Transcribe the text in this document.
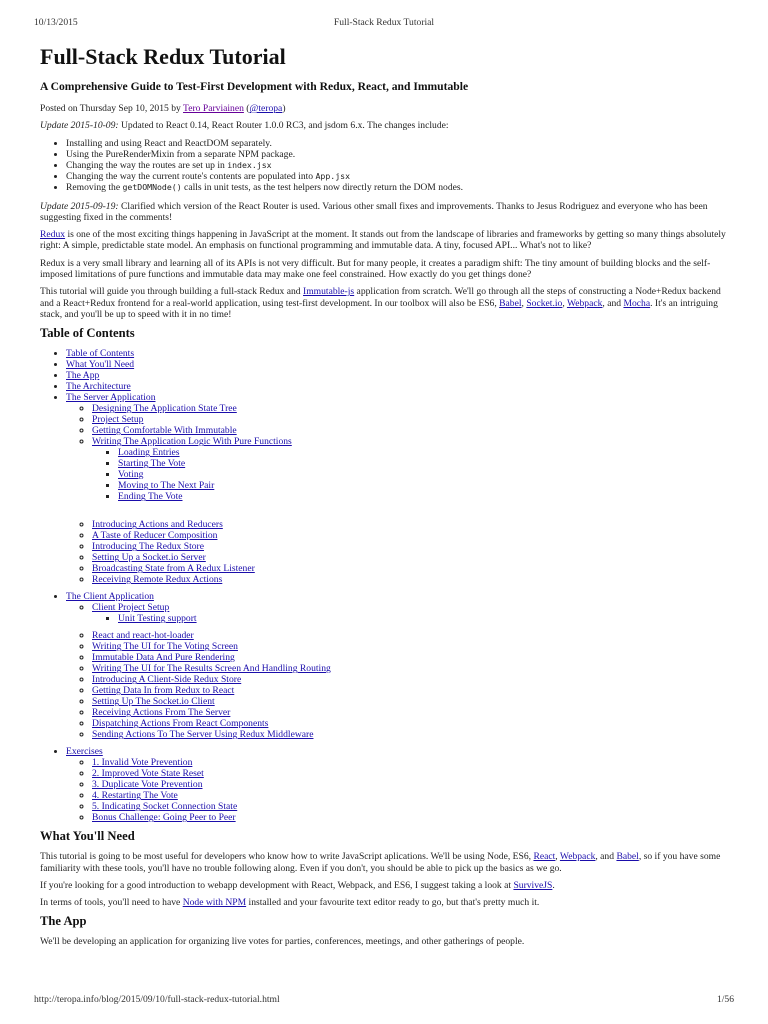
10/13/2015	Full-Stack Redux Tutorial
Full-Stack Redux Tutorial
A Comprehensive Guide to Test-First Development with Redux, React, and Immutable

Posted on Thursday Sep 10, 2015 by Tero Parviainen (@teropa)

Update 2015-10-09: Updated to React 0.14, React Router 1.0.0 RC3, and jsdom 6.x. The changes include:

• Installing and using React and ReactDOM separately.
• Using the PureRenderMixin from a separate NPM package.
• Changing the way the routes are set up in index.jsx
• Changing the way the current route's contents are populated into App.jsx
• Removing the getDOMNode() calls in unit tests, as the test helpers now directly return the DOM nodes.

Update 2015-09-19: Clarified which version of the React Router is used. Various other small fixes and improvements. Thanks to Jesus Rodriguez and everyone who has been suggesting fixed in the comments!

Redux is one of the most exciting things happening in JavaScript at the moment. It stands out from the landscape of libraries and frameworks by getting so many things absolutely right: A simple, predictable state model. An emphasis on functional programming and immutable data. A tiny, focused API... What's not to like?

Redux is a very small library and learning all of its APIs is not very difficult. But for many people, it creates a paradigm shift: The tiny amount of building blocks and the self-imposed limitations of pure functions and immutable data may make one feel constrained. How exactly do you get things done?

This tutorial will guide you through building a full-stack Redux and Immutable-js application from scratch. We'll go through all the steps of constructing a Node+Redux backend and a React+Redux frontend for a real-world application, using test-first development. In our toolbox will also be ES6, Babel, Socket.io, Webpack, and Mocha. It's an intriguing stack, and you'll be up to speed with it in no time!

Table of Contents
• Table of Contents
• What You'll Need
• The App
• The Architecture
• The Server Application
◦ Designing The Application State Tree
◦ Project Setup
◦ Getting Comfortable With Immutable
◦ Writing The Application Logic With Pure Functions
▪ Loading Entries
▪ Starting The Vote
▪ Voting
▪ Moving to The Next Pair
▪ Ending The Vote
◦ Introducing Actions and Reducers
◦ A Taste of Reducer Composition
◦ Introducing The Redux Store
◦ Setting Up a Socket.io Server
◦ Broadcasting State from A Redux Listener
◦ Receiving Remote Redux Actions
• The Client Application
◦ Client Project Setup
▪ Unit Testing support
◦ React and react-hot-loader
◦ Writing The UI for The Voting Screen
◦ Immutable Data And Pure Rendering
◦ Writing The UI for The Results Screen And Handling Routing
◦ Introducing A Client-Side Redux Store
◦ Getting Data In from Redux to React
◦ Setting Up The Socket.io Client
◦ Receiving Actions From The Server
◦ Dispatching Actions From React Components
◦ Sending Actions To The Server Using Redux Middleware
• Exercises
◦ 1. Invalid Vote Prevention
◦ 2. Improved Vote State Reset
◦ 3. Duplicate Vote Prevention
◦ 4. Restarting The Vote
◦ 5. Indicating Socket Connection State
◦ Bonus Challenge: Going Peer to Peer
What You'll Need

This tutorial is going to be most useful for developers who know how to write JavaScript aplications. We'll be using Node, ES6, React, Webpack, and Babel, so if you have some familiarity with these tools, you'll have no trouble following along. Even if you don't, you should be able to pick up the basics as we go.

If you're looking for a good introduction to webapp development with React, Webpack, and ES6, I suggest taking a look at SurviveJS.

In terms of tools, you'll need to have Node with NPM installed and your favourite text editor ready to go, but that's pretty much it.

The App

We'll be developing an application for organizing live votes for parties, conferences, meetings, and other gatherings of people.

http://teropa.info/blog/2015/09/10/full-stack-redux-tutorial.html	1/56
